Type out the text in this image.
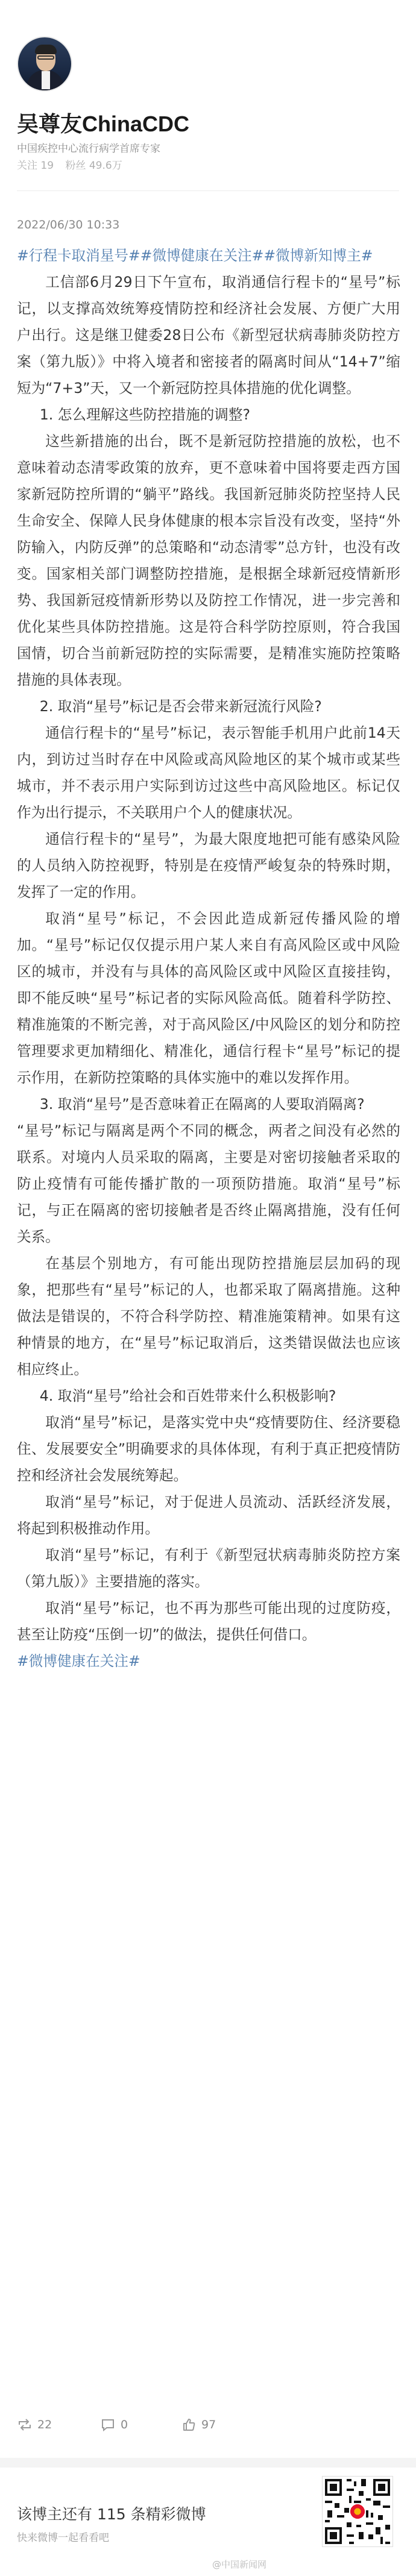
吴尊友ChinaCDC
中国疾控中心流行病学首席专家
关注 19 粉丝 49.6万
2022/06/30 10:33

#行程卡取消星号##微博健康在关注##微博新知博主#

工信部6月29日下午宣布，取消通信行程卡的“星号”标记，以支撑高效统筹疫情防控和经济社会发展、方便广大用户出行。这是继卫健委28日公布《新型冠状病毒肺炎防控方案（第九版）》中将入境者和密接者的隔离时间从“14+7”缩短为“7+3”天，又一个新冠防控具体措施的优化调整。

1. 怎么理解这些防控措施的调整?

这些新措施的出台，既不是新冠防控措施的放松，也不意味着动态清零政策的放弃，更不意味着中国将要走西方国家新冠防控所谓的“躺平”路线。我国新冠肺炎防控坚持人民生命安全、保障人民身体健康的根本宗旨没有改变，坚持“外防输入，内防反弹”的总策略和“动态清零”总方针，也没有改变。国家相关部门调整防控措施，是根据全球新冠疫情新形势、我国新冠疫情新形势以及防控工作情况，进一步完善和优化某些具体防控措施。这是符合科学防控原则，符合我国国情，切合当前新冠防控的实际需要，是精准实施防控策略措施的具体表现。

2. 取消“星号”标记是否会带来新冠流行风险?

通信行程卡的“星号”标记，表示智能手机用户此前14天内，到访过当时存在中风险或高风险地区的某个城市或某些城市，并不表示用户实际到访过这些中高风险地区。标记仅作为出行提示，不关联用户个人的健康状况。

通信行程卡的“星号”，为最大限度地把可能有感染风险的人员纳入防控视野，特别是在疫情严峻复杂的特殊时期，发挥了一定的作用。

取消“星号”标记，不会因此造成新冠传播风险的增加。“星号”标记仅仅提示用户某人来自有高风险区或中风险区的城市，并没有与具体的高风险区或中风险区直接挂钩，即不能反映“星号”标记者的实际风险高低。随着科学防控、精准施策的不断完善，对于高风险区/中风险区的划分和防控管理要求更加精细化、精准化，通信行程卡“星号”标记的提示作用，在新防控策略的具体实施中的难以发挥作用。

3. 取消“星号”是否意味着正在隔离的人要取消隔离?

“星号”标记与隔离是两个不同的概念，两者之间没有必然的联系。对境内人员采取的隔离，主要是对密切接触者采取的防止疫情有可能传播扩散的一项预防措施。取消“星号”标记，与正在隔离的密切接触者是否终止隔离措施，没有任何关系。

在基层个别地方，有可能出现防控措施层层加码的现象，把那些有“星号”标记的人，也都采取了隔离措施。这种做法是错误的，不符合科学防控、精准施策精神。如果有这种情景的地方，在“星号”标记取消后，这类错误做法也应该相应终止。

4. 取消“星号”给社会和百姓带来什么积极影响?

取消“星号”标记，是落实党中央“疫情要防住、经济要稳住、发展要安全”明确要求的具体体现，有利于真正把疫情防控和经济社会发展统筹起。

取消“星号”标记，对于促进人员流动、活跃经济发展，将起到积极推动作用。

取消“星号”标记，有利于《新型冠状病毒肺炎防控方案（第九版）》主要措施的落实。

取消“星号”标记，也不再为那些可能出现的过度防疫，甚至让防疫“压倒一切”的做法，提供任何借口。

#微博健康在关注#

22	0	97
该博主还有 115 条精彩微博
快来微博一起看看吧
@中国新闻网
